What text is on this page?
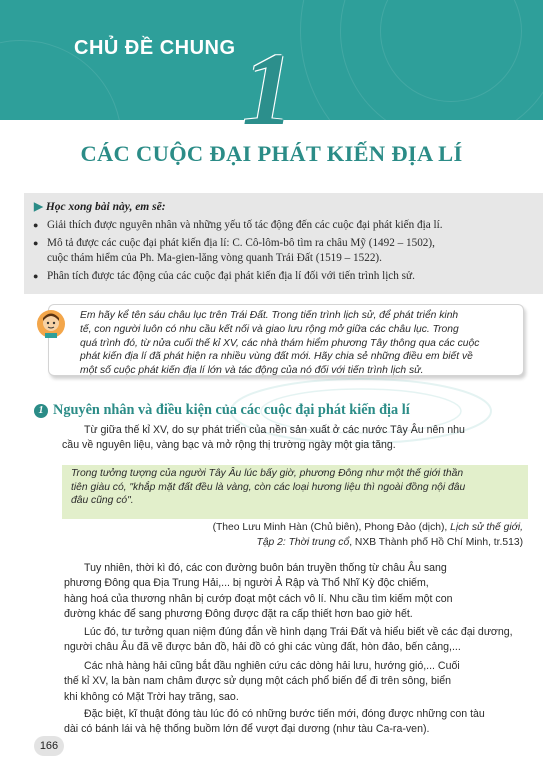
CHỦ ĐỀ CHUNG 1
CÁC CUỘC ĐẠI PHÁT KIẾN ĐỊA LÍ
▶ Học xong bài này, em sẽ:
● Giải thích được nguyên nhân và những yếu tố tác động đến các cuộc đại phát kiến địa lí.
● Mô tả được các cuộc đại phát kiến địa lí: C. Cô-lôm-bô tìm ra châu Mỹ (1492 – 1502),
cuộc thám hiểm của Ph. Ma-gien-lăng vòng quanh Trái Đất (1519 – 1522).
● Phân tích được tác động của các cuộc đại phát kiến địa lí đối với tiến trình lịch sử.
Em hãy kể tên sáu châu lục trên Trái Đất. Trong tiến trình lịch sử, để phát triển kinh
tế, con người luôn có nhu cầu kết nối và giao lưu rộng mở giữa các châu lục. Trong
quá trình đó, từ nửa cuối thế kỉ XV, các nhà thám hiểm phương Tây thông qua các cuộc
phát kiến địa lí đã phát hiện ra nhiều vùng đất mới. Hãy chia sẻ những điều em biết về
một số cuộc phát kiến địa lí lớn và tác động của nó đối với tiến trình lịch sử.
1 Nguyên nhân và điều kiện của các cuộc đại phát kiến địa lí
Từ giữa thế kỉ XV, do sự phát triển của nền sản xuất ở các nước Tây Âu nên nhu
cầu về nguyên liệu, vàng bạc và mở rộng thị trường ngày một gia tăng.
Trong tưởng tượng của người Tây Âu lúc bấy giờ, phương Đông như một thế giới thần
tiên giàu có, "khắp mặt đất đều là vàng, còn các loại hương liệu thì ngoài đồng nội đâu
đâu cũng có".
(Theo Lưu Minh Hàn (Chủ biên), Phong Đảo (dịch), Lịch sử thế giới,
Tập 2: Thời trung cổ, NXB Thành phố Hồ Chí Minh, tr.513)
Tuy nhiên, thời kì đó, các con đường buôn bán truyền thống từ châu Âu sang
phương Đông qua Địa Trung Hải,... bị người Ả Rập và Thổ Nhĩ Kỳ độc chiếm,
hàng hoá của thương nhân bị cướp đoạt một cách vô lí. Nhu cầu tìm kiếm một con
đường khác để sang phương Đông được đặt ra cấp thiết hơn bao giờ hết.
Lúc đó, tư tưởng quan niệm đúng đắn về hình dạng Trái Đất và hiểu biết về các đại dương,
người châu Âu đã vẽ được bản đồ, hải đồ có ghi các vùng đất, hòn đảo, bến cảng,...
Các nhà hàng hải cũng bắt đầu nghiên cứu các dòng hải lưu, hướng gió,... Cuối
thế kỉ XV, la bàn nam châm được sử dụng một cách phổ biến để đi trên sông, biển
khi không có Mặt Trời hay trăng, sao.
Đặc biệt, kĩ thuật đóng tàu lúc đó có những bước tiến mới, đóng được những con tàu
dài có bánh lái và hệ thống buồm lớn để vượt đại dương (như tàu Ca-ra-ven).
166
